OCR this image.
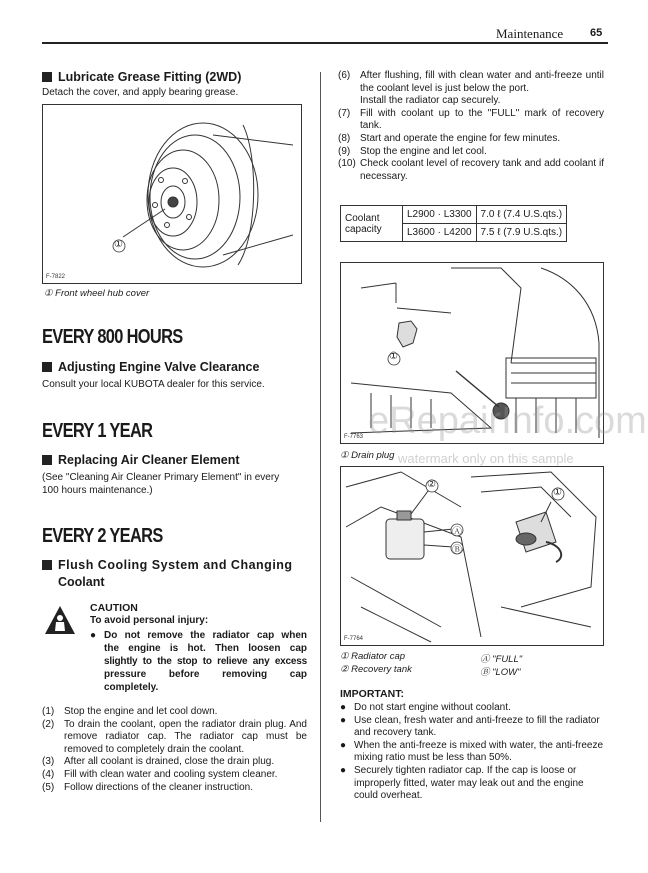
Maintenance 65
Lubricate Grease Fitting (2WD)
Detach the cover, and apply bearing grease.
①
F-7822
① Front wheel hub cover
EVERY 800 HOURS
Adjusting Engine Valve Clearance
Consult your local KUBOTA dealer for this service.
EVERY 1 YEAR
Replacing Air Cleaner Element
(See "Cleaning Air Cleaner Primary Element" in every
100 hours maintenance.)
EVERY 2 YEARS
Flush Cooling System and Changing
Coolant
CAUTION
To avoid personal injury:
● Do not remove the radiator cap when
the engine is hot. Then loosen cap
slightly to the stop to relieve any excess
pressure before removing cap
completely.
(1) Stop the engine and let cool down.
(2) To drain the coolant, open the radiator drain plug. And remove radiator cap. The radiator cap must be removed to completely drain the coolant.
(3) After all coolant is drained, close the drain plug.
(4) Fill with clean water and cooling system cleaner.
(5) Follow directions of the cleaner instruction.
(6) After flushing, fill with clean water and anti-freeze until the coolant level is just below the port.
Install the radiator cap securely.
(7) Fill with coolant up to the "FULL" mark of recovery tank.
(8) Start and operate the engine for few minutes.
(9) Stop the engine and let cool.
(10) Check coolant level of recovery tank and add coolant if necessary.
Coolant
capacity	L2900 · L3300	7.0 ℓ (7.4 U.S.qts.)
	L3600 · L4200	7.5 ℓ (7.9 U.S.qts.)
①
F-7763
① Drain plug
②
①
Ⓐ
Ⓑ
F-7764
① Radiator cap	Ⓐ "FULL"
② Recovery tank	Ⓑ "LOW"
IMPORTANT:
● Do not start engine without coolant.
● Use clean, fresh water and anti-freeze to fill the radiator and recovery tank.
● When the anti-freeze is mixed with water, the anti-freeze mixing ratio must be less than 50%.
● Securely tighten radiator cap. If the cap is loose or improperly fitted, water may leak out and the engine could overheat.
eRepairInfo.com
watermark only on this sample
